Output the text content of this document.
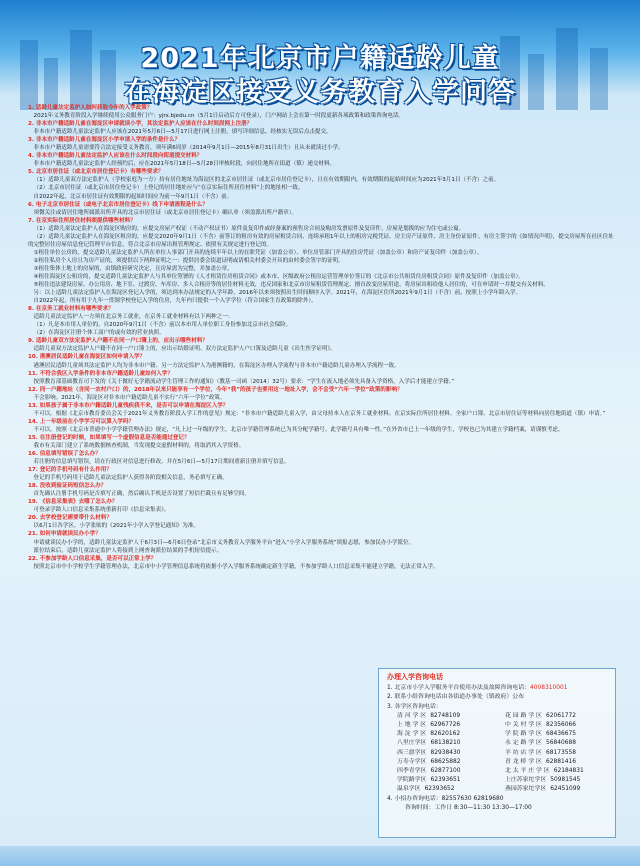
2021年北京市户籍适龄儿童
在海淀区接受义务教育入学问答

1. 适龄儿童法定监护人如何获取今年的入学政策？

2021年义务教育阶段入学继续使用公众服务门户：yjrx.bjedu.cn（5月1日启动后方可登录），门户网站上会在第一时段更新各项政策和政策咨询电话。

2. 非本市户籍适龄儿童在海淀区申请就读小学，其法定监护人应该在什么时间段网上注册？

非本市户籍适龄儿童法定监护人应该在2021年5月6日—5月17日进行网上注册，填写详细信息，经核实无误后点击提交。

3. 非本市户籍适龄儿童在海淀区小学申请入学的条件是什么？

非本市户籍适龄儿童需要符合法定接受义务教育，须年满6周岁（2014年9月1日—2015年8月31日出生）且从未就读过小学。

4. 非本市户籍适龄儿童法定监护人应该在什么时间段向街道提交材料？

非本市户籍适龄儿童法定监护人经预约后，应在2021年5月18日—5月28日审核时段，向居住地所在街道（镇）递交材料。

5. 北京市居住证（或北京市居住登记卡）有哪些要求？

（1）适龄儿童双方法定监护人（学校家庭为一方）持有居住地址为海淀区的北京市居住证（或北京市居住登记卡），且在有效期限内，有效期限的起始时间应为2021年3月1日（不含）之前。

（2）北京市居住证（或北京市居住登记卡）上登记的居住地址应与“在京实际住所居住材料”上的地址相一致。

自2022年起，北京市居住证有效期限的起始时间应为前一年9月1日（不含）前。

6. 电子北京市居住证（或电子北京市居住登记卡）线下申请流程是什么？

须微关注或请居住地所属派出所开具的北京市居住证（或北京市居住登记卡）确认单（须盖派出所户籍章）。

7. 在京实际住所居住材料须提供哪些材料？

（1）适龄儿童法定监护人在海淀区购房的，应提交房屋产权证（不动产权证书）原件及复印件或经备案的预售房合同及购房发票原件及复印件。房屋是划拨的应为住宅或公寓。

（2）适龄儿童法定监护人在海淀区租房的，应提交2020年9月1日（不含）前签订的租房有效的房屋租赁合同、连续承租1年以上的租房完税凭证、房主房产证原件、房主身份证原件。有房主签字的《如情况声明》，提交房屋所在社区住址的完整居住房屋信息登记管理平台信息，符合北京市房屋出租管理规定、依照有关规定进行登记的。

①租住单位公房的，提交适龄儿童法定监护人所在单位人事部门开具的连续半年以上的在职凭证（加盖公章）、单位房管部门开具的住房凭证（加盖公章）和房产证复印件（加盖公章）。

②租住私房个人房且为房产证的，须提供以下两种证明之一：提供居委会街道证明或请相关村委会开具的由村委会签字的证明。

③租住集体土地上的房屋的，由镇政府研究决定，且房屋需为完整，并加盖公章。

④租住海淀区公租房的，提交适龄儿童法定监护人与其单位签署的《人才租赁住房租赁合同》或本市、区级政府公租房运营管理单位签订的《北京市公共租赁住房租赁合同》原件及复印件（加盖公章）。

⑤租住违法建设房屋、办公用房、地下室、过渡房、车库房、多人合租房等的居住材料无效，违反国家和北京市房屋租赁管理规定、擅自改变房屋用途、将房屋出租给他人居住的，可在申请时一并提交有关材料。

另：以上适龄儿童法定监护人在海淀区登记入学的，须达到本办法规定的入学年龄，2016年以来须按照出生时间顺序入学。2021年，在海淀区住所2021年9月1日（不含）前，按照上小学年龄入学。

自2022年起，所有用于九年一贯制学校登记入学的住房，九年内只提供一个入学学位（符合国家生育政策的除外）。

8. 在京务工就业材料有哪些要求？

适龄儿童法定监护人一方须在北京务工就业，在京务工就业材料有以下两种之一：

（1）凡是本市用人单位的，自2020年9月1日（不含）前以本市用人单位职工身份参加北京市社会保险。

（2）在海淀区注册个体工商户的或有效的营业执照。

9. 适龄儿童双方法定监护人户籍不在同一户口簿上的，应出示哪些材料？

适龄儿童双方法定监护人户籍不在同一户口簿上的，应出示结婚证明、双方法定监护人户口簿及适龄儿童《出生医学证明》。

10. 港澳居民适龄儿童在海淀区如何申请入学？

港澳居民适龄儿童须其法定监护人均为非本市户籍、另一方法定监护人为港澳籍的，在海淀区办理入学流程与非本市户籍适龄儿童办理入学流程一致。

11. 不符合我区入学条件的非本市户籍适龄儿童如何入学？

按照教育部基础教育司下发的《关于做好无学籍流动学生管理工作的通知》（教基一司函〔2014〕32号）要求：“学生在流入地必须先具备入学资格，入学后才能建立学籍。”

12. 同一户籍地址（含同一农村户口）的，2018年以来只能享有一个学位，今年“我”的孩子也要用这一地址入学，会不会受“六年一学位”政策的影响？

不会影响。2021年，海淀区对非本市户籍适龄儿童不实行“六年一学位”政策。

13. 如果孩子属于非本市户籍适龄儿童残疾我不来，是否可以申请在海淀区入学？

不可以。根据《北京市教育委员会关于2021年义务教育阶段入学工作的意见》规定：“非本市户籍适龄儿童入学，由父母持本人在京务工就业材料、在京实际住所居住材料、全家户口簿、北京市居住证等材料向居住地街道（镇）申请。”

14. 上一年级前在小学学习可以算入学吗？

不可以。按照《北京市普通中小学学籍管理办法》规定，“凡上过一年级的学生，北京市学籍管理系统已为其分配学籍号。此学籍号具有唯一性。”在外省市已上一年级的学生，学校也已为其建立学籍档案，请谨慎考虑。

15. 在注册登记的时候，如果填写一个虚假信息是否能通过登记？

我市有关部门建立了系统数据核查机制，当发现提交虚假材料的，将取消其入学资格。

16. 信息填写错误了怎么办？

若注册的信息填写错误，请在行政区对信息进行修改，并在5月6日—5月17日期间重新注册并填写信息。

17. 登记的手机号码有什么作用？

登记的手机号码用于适龄儿童法定监护人获得各阶段相关信息，务必填写正确。

18. 没收到验证码短信怎么办？

首先确认注册手机号码是否填写正确，然后确认手机是否设置了短信拦截且有足够空间。

19. 《信息采集表》去哪了怎么办？

可登录学龄人口信息采集系统重新打印《信息采集表》。

20. 去学校登记需要带什么材料？

以6月1日各学区、小学张贴的《2021年小学入学登记通知》为准。

21. 如何申请就读民办小学？

申请就读民办小学的，适龄儿童法定监护人于6月3日—6月6日登录“北京市义务教育入学服务平台”进入“小学入学服务系统”填报志愿，参加民办小学派位。

派位结束后，适龄儿童法定监护人将接到上网查询派位结果的手机短信提示。

22. 不参加学龄人口信息采集，是否可以正常上学？

按照北京市中小学校学生学籍管理办法，北京市中小学管理信息系统将依据小学入学服务系统确定新生学籍，不参加学龄人口信息采集不能建立学籍，无法正常入学。

办理入学咨询电话
1. 北京市小学入学服务平台使用办法及故障咨询电话：4008310001
2. 联系小组咨询电话由各街道办事处（镇政府）公布
3. 各学区咨询电话：
清 河 学 区 82748109	花 园 路 学 区 62061772
上 地 学 区 62967726	中 关 村 学 区 82356066
海 淀 学 区 82620162	学 院 路 学 区 68436675
八里庄学区 68138210	永 定 路 学 区 56840688
西三旗学区 82938430	羊 坊 店 学 区 68173558
万寿寺学区 68625882	青 龙 桥 学 区 62881416
四季青学区 62877100	北 太 平 庄 学 区 62184831
学院路学区 62393651	上庄苏家坨学区 50981545
温泉学区 62393652	燕园苏家坨学区 62451099
4. 小招办咨询电话：82557630 62819680
咨询时间：工作日 8:30—11:30 13:30—17:00
